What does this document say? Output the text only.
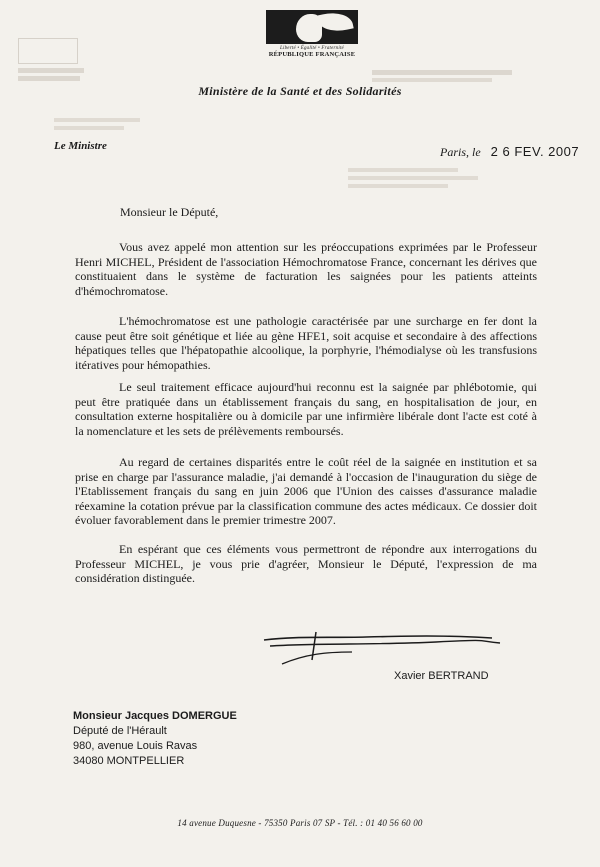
Liberté • Égalité • Fraternité
RÉPUBLIQUE FRANÇAISE
Ministère de la Santé et des Solidarités
Le Ministre	Paris, le 2 6 FEV. 2007
Monsieur le Député,

Vous avez appelé mon attention sur les préoccupations exprimées par le Professeur Henri MICHEL, Président de l'association Hémochromatose France, concernant les dérives que constituaient dans le système de facturation les saignées pour les patients atteints d'hémochromatose.

L'hémochromatose est une pathologie caractérisée par une surcharge en fer dont la cause peut être soit génétique et liée au gène HFE1, soit acquise et secondaire à des affections hépatiques telles que l'hépatopathie alcoolique, la porphyrie, l'hémodialyse où les transfusions itératives pour hémopathies.

Le seul traitement efficace aujourd'hui reconnu est la saignée par phlébotomie, qui peut être pratiquée dans un établissement français du sang, en hospitalisation de jour, en consultation externe hospitalière ou à domicile par une infirmière libérale dont l'acte est coté à la nomenclature et les sets de prélèvements remboursés.

Au regard de certaines disparités entre le coût réel de la saignée en institution et sa prise en charge par l'assurance maladie, j'ai demandé à l'occasion de l'inauguration du siège de l'Etablissement français du sang en juin 2006 que l'Union des caisses d'assurance maladie réexamine la cotation prévue par la classification commune des actes médicaux. Ce dossier doit évoluer favorablement dans le premier trimestre 2007.

En espérant que ces éléments vous permettront de répondre aux interrogations du Professeur MICHEL, je vous prie d'agréer, Monsieur le Député, l'expression de ma considération distinguée.

Xavier BERTRAND
Monsieur Jacques DOMERGUE
Député de l'Hérault
980, avenue Louis Ravas
34080 MONTPELLIER
14 avenue Duquesne - 75350 Paris 07 SP - Tél. : 01 40 56 60 00
